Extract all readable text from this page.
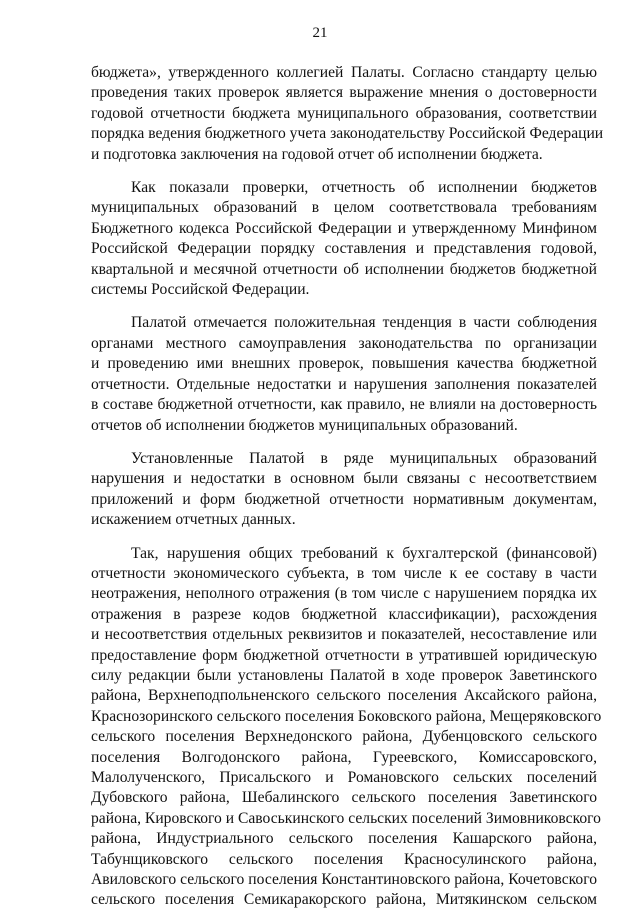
21

бюджета», утвержденного коллегией Палаты. Согласно стандарту целью
проведения таких проверок является выражение мнения о достоверности
годовой отчетности бюджета муниципального образования, соответствии
порядка ведения бюджетного учета законодательству Российской Федерации
и подготовка заключения на годовой отчет об исполнении бюджета.

Как показали проверки, отчетность об исполнении бюджетов
муниципальных образований в целом соответствовала требованиям
Бюджетного кодекса Российской Федерации и утвержденному Минфином
Российской Федерации порядку составления и представления годовой,
квартальной и месячной отчетности об исполнении бюджетов бюджетной
системы Российской Федерации.

Палатой отмечается положительная тенденция в части соблюдения
органами местного самоуправления законодательства по организации
и проведению ими внешних проверок, повышения качества бюджетной
отчетности. Отдельные недостатки и нарушения заполнения показателей
в составе бюджетной отчетности, как правило, не влияли на достоверность
отчетов об исполнении бюджетов муниципальных образований.

Установленные Палатой в ряде муниципальных образований
нарушения и недостатки в основном были связаны с несоответствием
приложений и форм бюджетной отчетности нормативным документам,
искажением отчетных данных.

Так, нарушения общих требований к бухгалтерской (финансовой)
отчетности экономического субъекта, в том числе к ее составу в части
неотражения, неполного отражения (в том числе с нарушением порядка их
отражения в разрезе кодов бюджетной классификации), расхождения
и несоответствия отдельных реквизитов и показателей, несоставление или
предоставление форм бюджетной отчетности в утратившей юридическую
силу редакции были установлены Палатой в ходе проверок Заветинского
района, Верхнеподпольненского сельского поселения Аксайского района,
Краснозоринского сельского поселения Боковского района, Мещеряковского
сельского поселения Верхнедонского района, Дубенцовского сельского
поселения Волгодонского района, Гуреевского, Комиссаровского,
Малолученского, Присальского и Романовского сельских поселений
Дубовского района, Шебалинского сельского поселения Заветинского
района, Кировского и Савоськинского сельских поселений Зимовниковского
района, Индустриального сельского поселения Кашарского района,
Табунщиковского сельского поселения Красносулинского района,
Авиловского сельского поселения Константиновского района, Кочетовского
сельского поселения Семикаракорского района, Митякинском сельском
